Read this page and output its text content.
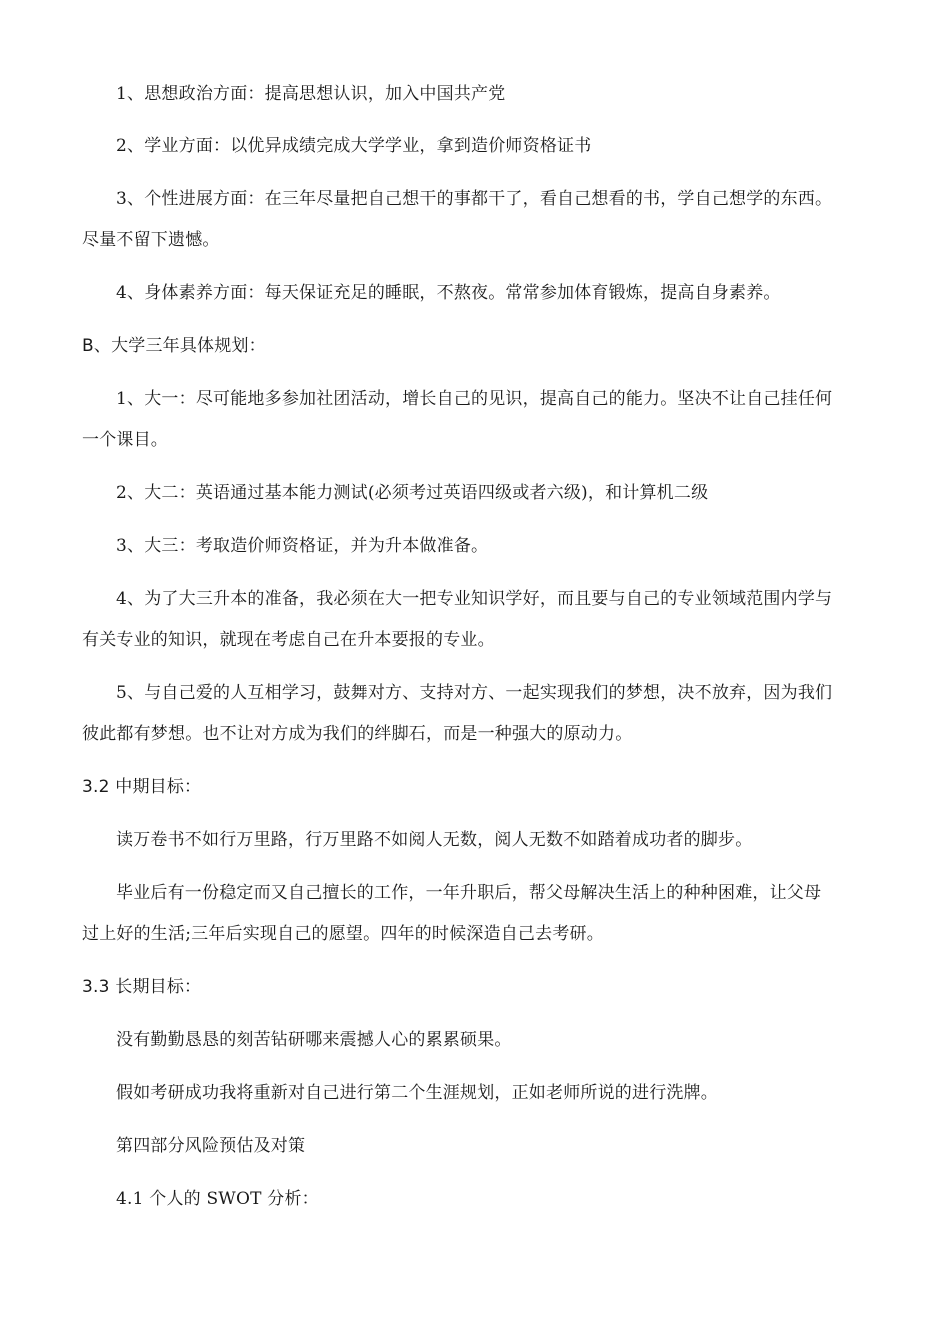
1、思想政治方面：提高思想认识，加入中国共产党
2、学业方面：以优异成绩完成大学学业，拿到造价师资格证书
3、个性进展方面：在三年尽量把自己想干的事都干了，看自己想看的书，学自己想学的东西。
尽量不留下遗憾。
4、身体素养方面：每天保证充足的睡眠，不熬夜。常常参加体育锻炼，提高自身素养。
B、大学三年具体规划：
1、大一：尽可能地多参加社团活动，增长自己的见识，提高自己的能力。坚决不让自己挂任何
一个课目。
2、大二：英语通过基本能力测试(必须考过英语四级或者六级)，和计算机二级
3、大三：考取造价师资格证，并为升本做准备。
4、为了大三升本的准备，我必须在大一把专业知识学好，而且要与自己的专业领域范围内学与
有关专业的知识，就现在考虑自己在升本要报的专业。
5、与自己爱的人互相学习，鼓舞对方、支持对方、一起实现我们的梦想，决不放弃，因为我们
彼此都有梦想。也不让对方成为我们的绊脚石，而是一种强大的原动力。
3.2 中期目标：
读万卷书不如行万里路，行万里路不如阅人无数，阅人无数不如踏着成功者的脚步。
毕业后有一份稳定而又自己擅长的工作，一年升职后，帮父母解决生活上的种种困难，让父母
过上好的生活;三年后实现自己的愿望。四年的时候深造自己去考研。
3.3 长期目标：
没有勤勤恳恳的刻苦钻研哪来震撼人心的累累硕果。
假如考研成功我将重新对自己进行第二个生涯规划，正如老师所说的进行洗牌。
第四部分风险预估及对策
4.1 个人的 SWOT 分析：
